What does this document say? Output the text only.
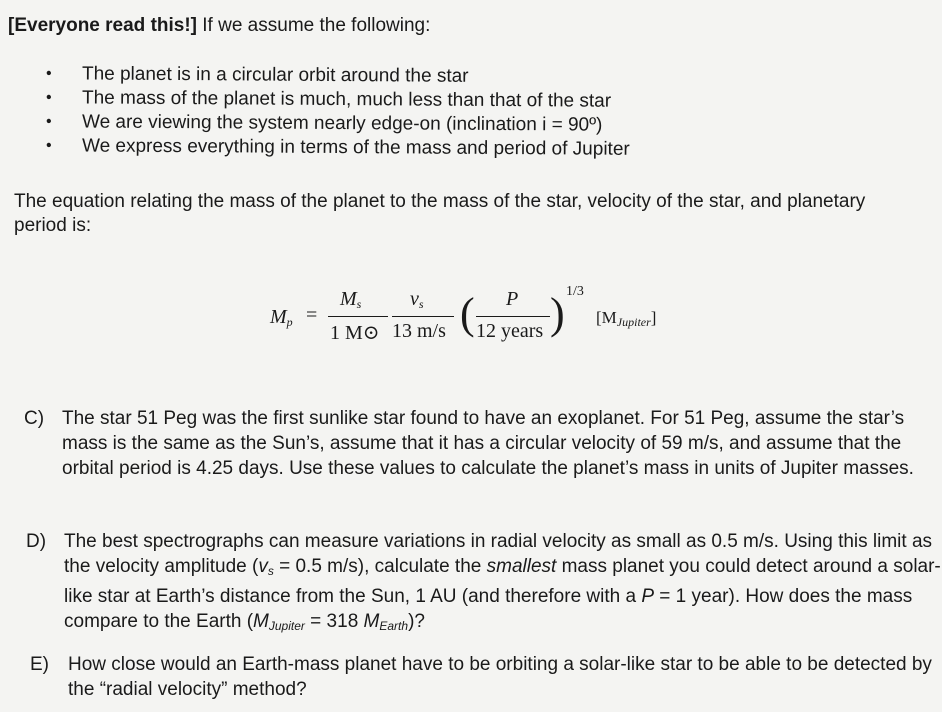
[Everyone read this!] If we assume the following:
• The planet is in a circular orbit around the star
• The mass of the planet is much, much less than that of the star
• We are viewing the system nearly edge-on (inclination i = 90º)
• We express everything in terms of the mass and period of Jupiter
The equation relating the mass of the planet to the mass of the star, velocity of the star, and planetary period is:
$M_p$ =
$M_s$
1 M⊙
$v_s$
13 m/s ( P
12 years ) 1/3
$[M_{Jupiter}]$
C) The star 51 Peg was the first sunlike star found to have an exoplanet. For 51 Peg, assume the star’s mass is the same as the Sun’s, assume that it has a circular velocity of 59 m/s, and assume that the orbital period is 4.25 days. Use these values to calculate the planet’s mass in units of Jupiter masses.
D) The best spectrographs can measure variations in radial velocity as small as 0.5 m/s. Using this limit as the velocity amplitude ($v_s = 0.5$ m/s), calculate the smallest mass planet you could detect around a solar-like star at Earth’s distance from the Sun, 1 AU (and therefore with a P = 1 year). How does the mass compare to the Earth ($M_{Jupiter} = 318$ $M_{Earth}$)?
E) How close would an Earth-mass planet have to be orbiting a solar-like star to be able to be detected by the “radial velocity” method?
